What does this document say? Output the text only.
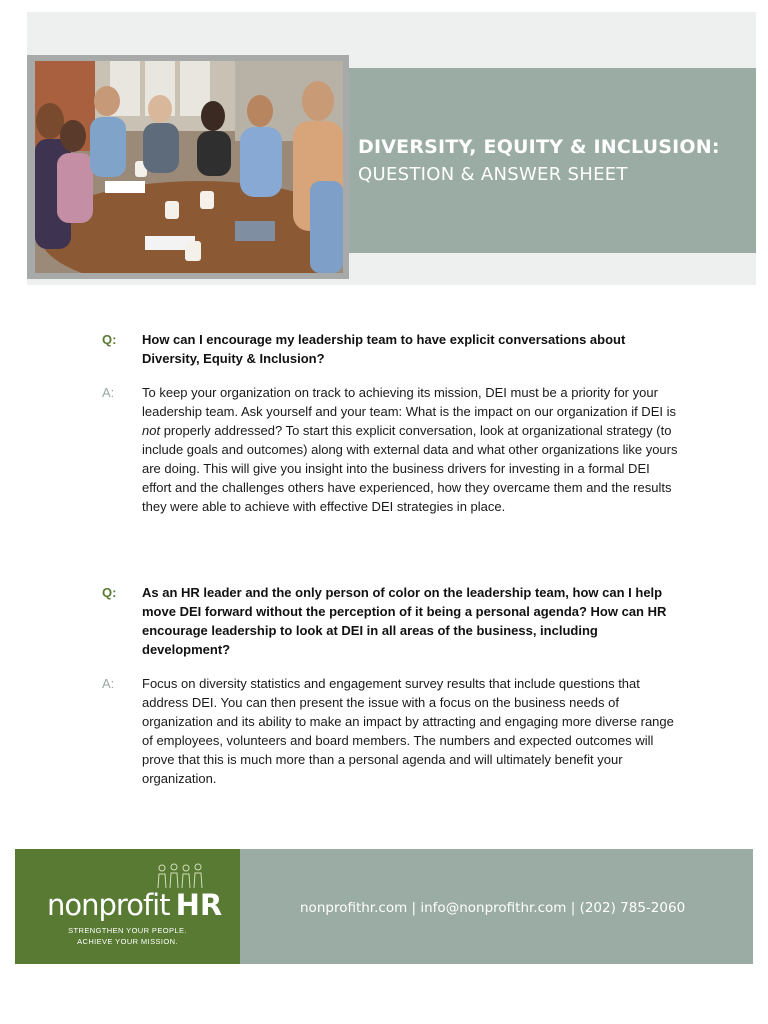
DIVERSITY, EQUITY & INCLUSION:
QUESTION & ANSWER SHEET
Q:	How can I encourage my leadership team to have explicit conversations about Diversity, Equity & Inclusion?
A:	To keep your organization on track to achieving its mission, DEI must be a priority for your leadership team. Ask yourself and your team: What is the impact on our organization if DEI is not properly addressed? To start this explicit conversation, look at organizational strategy (to include goals and outcomes) along with external data and what other organizations like yours are doing. This will give you insight into the business drivers for investing in a formal DEI effort and the challenges others have experienced, how they overcame them and the results they were able to achieve with effective DEI strategies in place.
Q:	As an HR leader and the only person of color on the leadership team, how can I help move DEI forward without the perception of it being a personal agenda? How can HR encourage leadership to look at DEI in all areas of the business, including development?
A:	Focus on diversity statistics and engagement survey results that include questions that address DEI. You can then present the issue with a focus on the business needs of organization and its ability to make an impact by attracting and engaging more diverse range of employees, volunteers and board members. The numbers and expected outcomes will prove that this is much more than a personal agenda and will ultimately benefit your organization.
nonprofit HR
STRENGTHEN YOUR PEOPLE.
ACHIEVE YOUR MISSION.
nonprofithr.com | info@nonprofithr.com | (202) 785-2060
